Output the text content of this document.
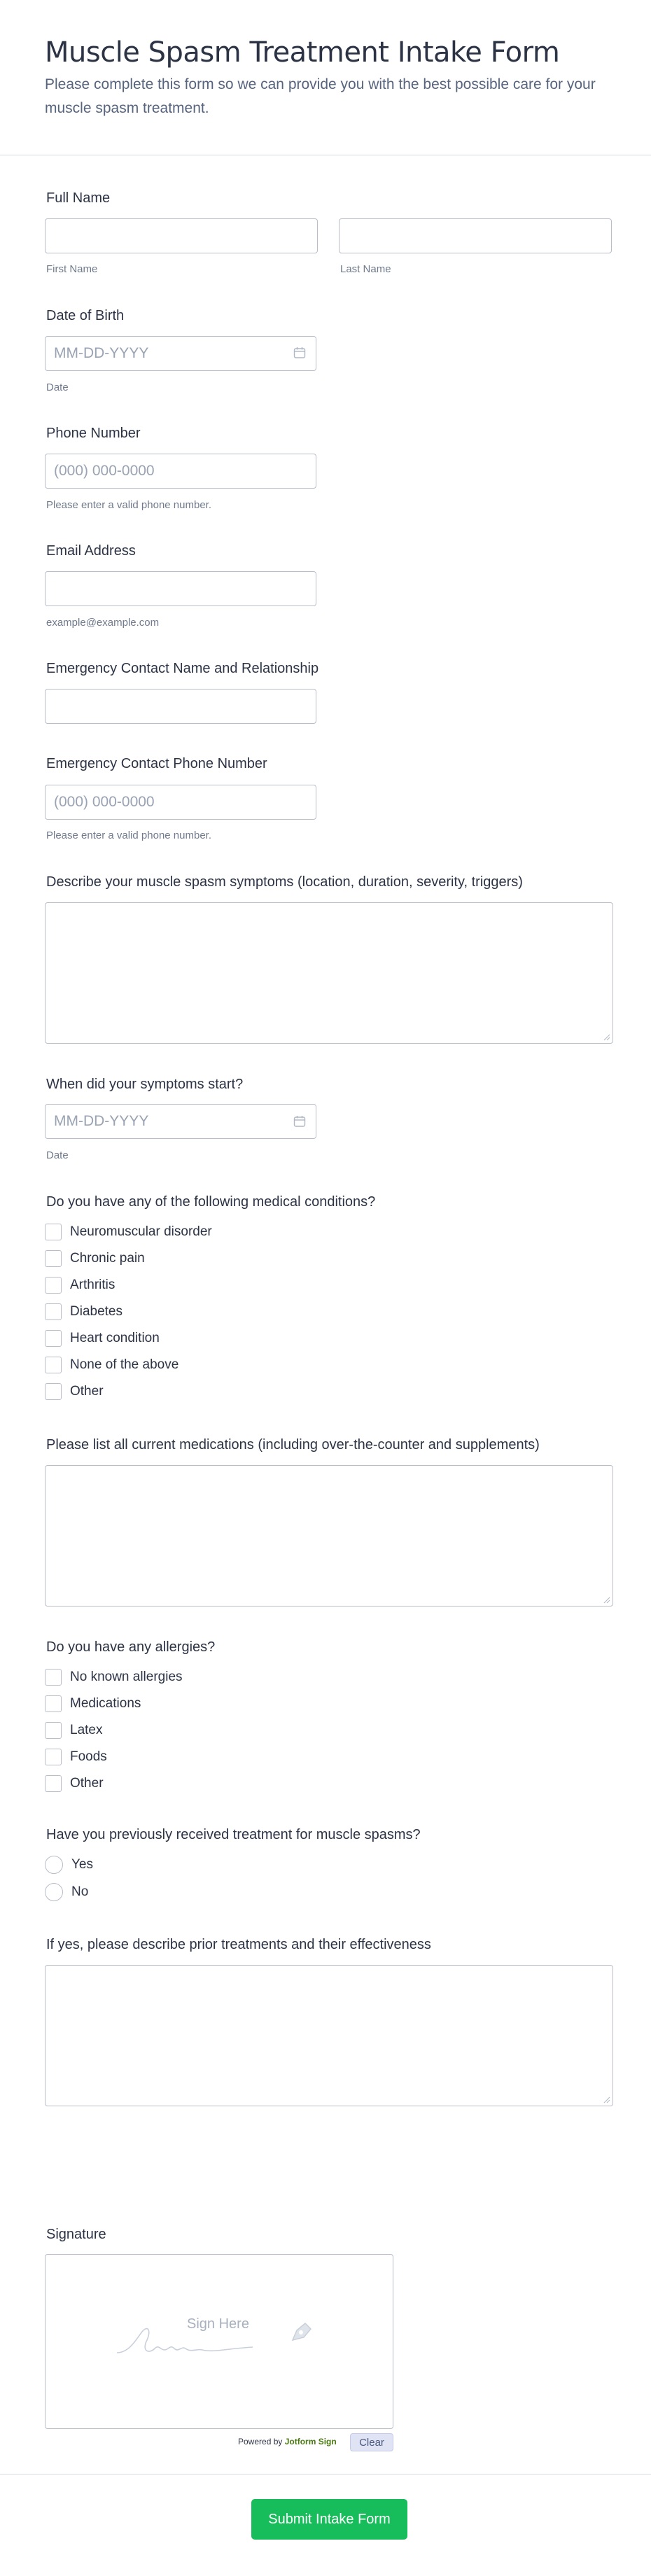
Muscle Spasm Treatment Intake Form

Please complete this form so we can provide you with the best possible care for your muscle spasm treatment.

Full Name
First Name	Last Name
Date of Birth
MM-DD-YYYY
Date
Phone Number
(000) 000-0000
Please enter a valid phone number.
Email Address
example@example.com
Emergency Contact Name and Relationship
Emergency Contact Phone Number
(000) 000-0000
Please enter a valid phone number.
Describe your muscle spasm symptoms (location, duration, severity, triggers)
When did your symptoms start?
MM-DD-YYYY
Date
Do you have any of the following medical conditions?
Neuromuscular disorder
Chronic pain
Arthritis
Diabetes
Heart condition
None of the above
Other
Please list all current medications (including over-the-counter and supplements)
Do you have any allergies?
No known allergies
Medications
Latex
Foods
Other
Have you previously received treatment for muscle spasms?
Yes
No
If yes, please describe prior treatments and their effectiveness
Signature
Sign Here
Powered by Jotform Sign	Clear
Submit Intake Form
